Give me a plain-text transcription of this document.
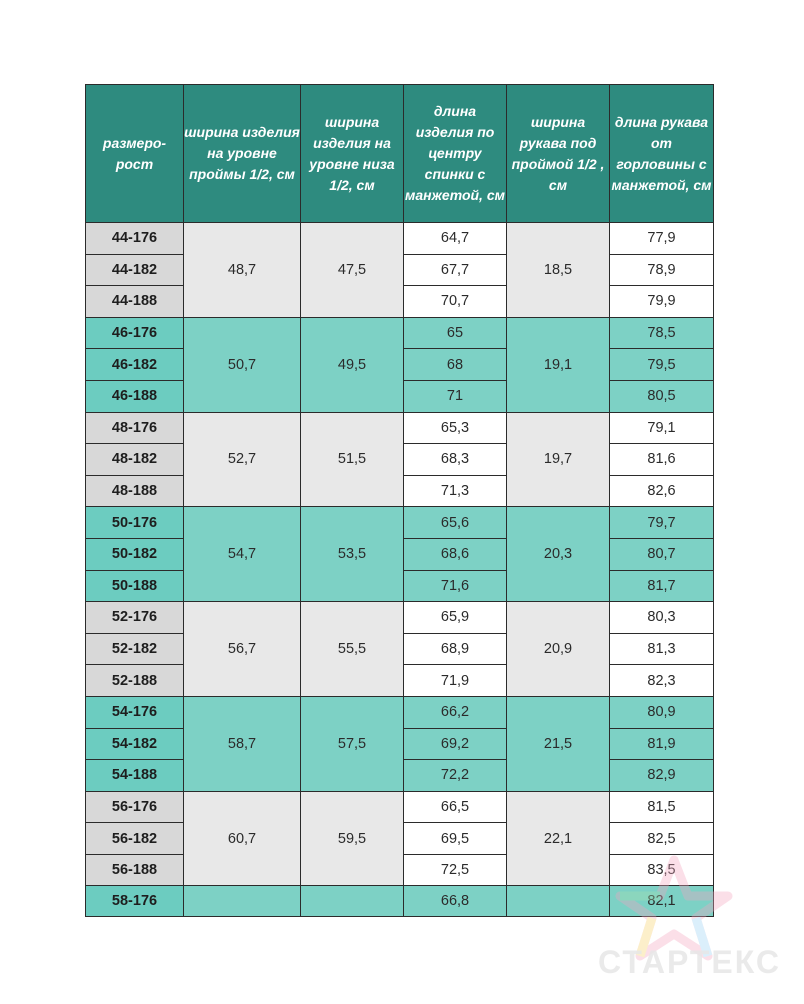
размеро-рост	ширина изделия на уровне проймы 1/2, см	ширина изделия на уровне низа 1/2, см	длина изделия по центру спинки с манжетой, см	ширина рукава под проймой 1/2 , см	длина рукава от горловины с манжетой, см
44-176	48,7	47,5	64,7	18,5	77,9
44-182			67,7		78,9
44-188			70,7		79,9
46-176	50,7	49,5	65	19,1	78,5
46-182			68		79,5
46-188			71		80,5
48-176	52,7	51,5	65,3	19,7	79,1
48-182			68,3		81,6
48-188			71,3		82,6
50-176	54,7	53,5	65,6	20,3	79,7
50-182			68,6		80,7
50-188			71,6		81,7
52-176	56,7	55,5	65,9	20,9	80,3
52-182			68,9		81,3
52-188			71,9		82,3
54-176	58,7	57,5	66,2	21,5	80,9
54-182			69,2		81,9
54-188			72,2		82,9
56-176	60,7	59,5	66,5	22,1	81,5
56-182			69,5		82,5
56-188			72,5		83,5
58-176			66,8		82,1
СТАРТЕКС
